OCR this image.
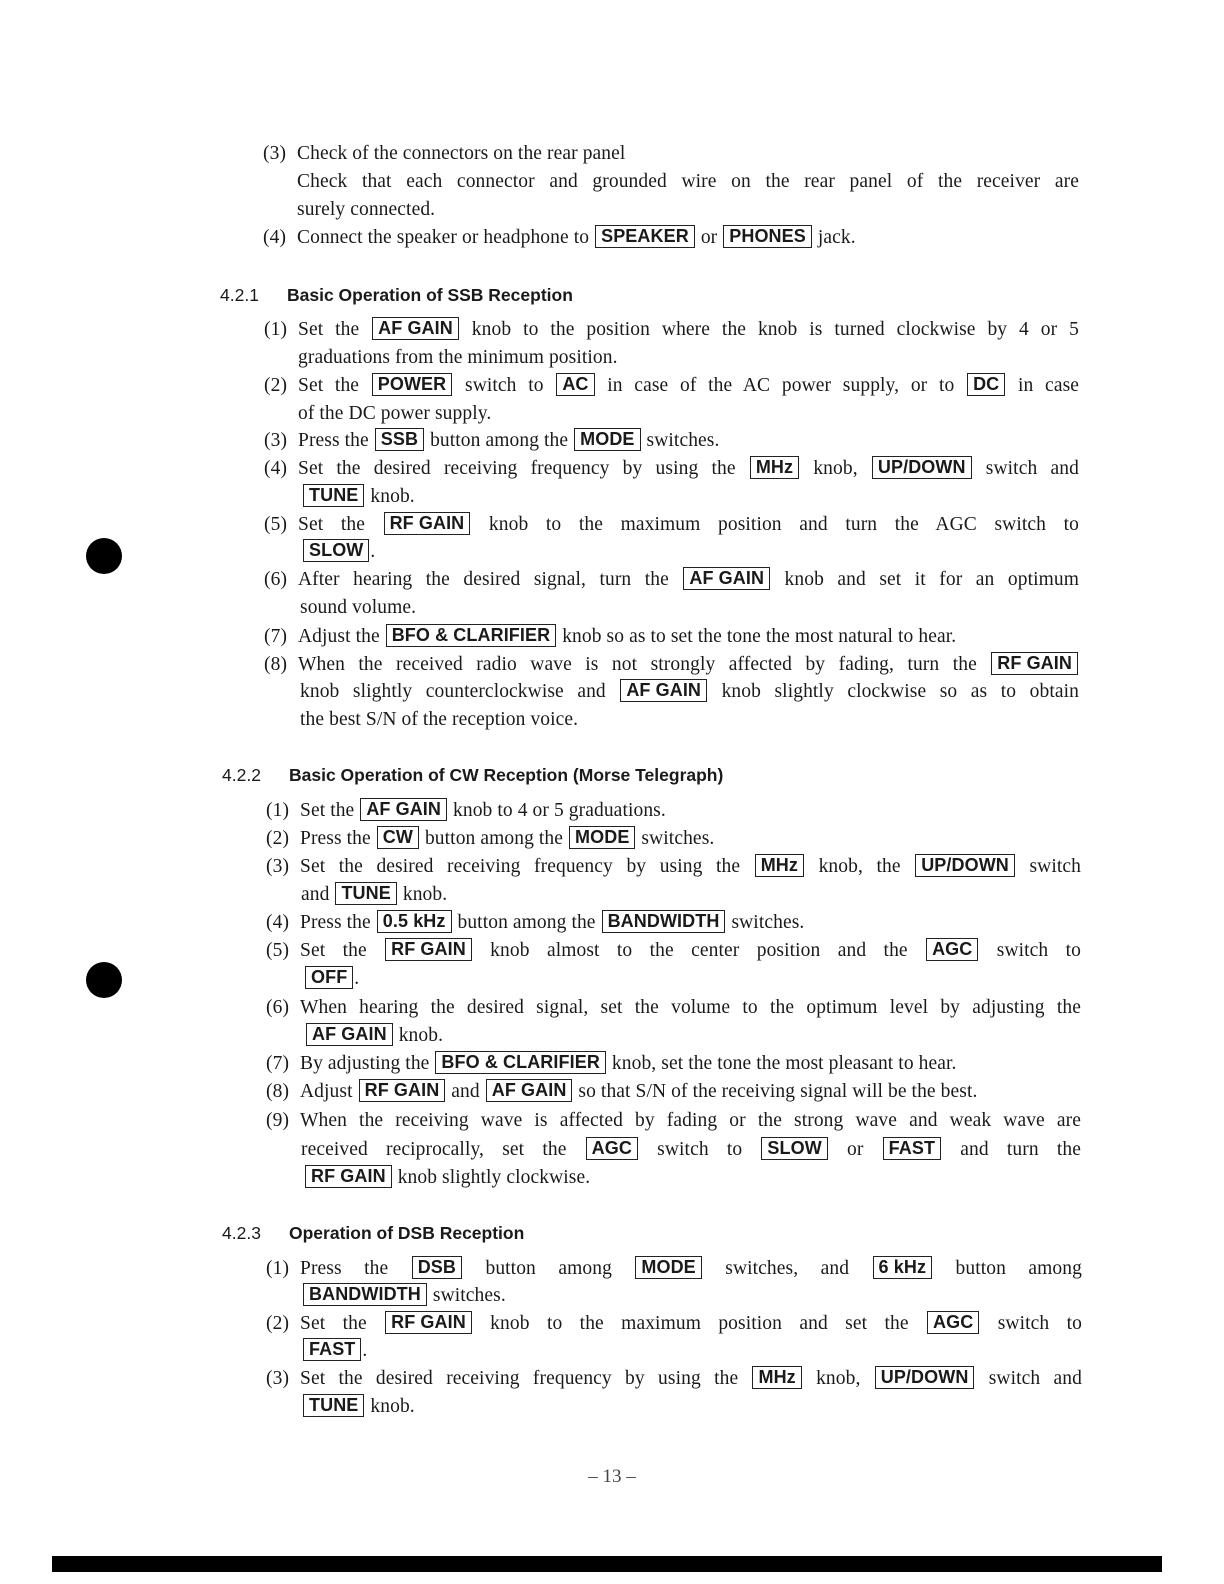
(3) Check of the connectors on the rear panel
Check that each connector and grounded wire on the rear panel of the receiver are
surely connected.
(4) Connect the speaker or headphone to SPEAKER or PHONES jack.
4.2.1 Basic Operation of SSB Reception
(1) Set the AF GAIN knob to the position where the knob is turned clockwise by 4 or 5
graduations from the minimum position.
(2) Set the POWER switch to AC in case of the AC power supply, or to DC in case
of the DC power supply.
(3) Press the SSB button among the MODE switches.
(4) Set the desired receiving frequency by using the MHz knob, UP/DOWN switch and
TUNE knob.
(5) Set the RF GAIN knob to the maximum position and turn the AGC switch to
SLOW .
(6) After hearing the desired signal, turn the AF GAIN knob and set it for an optimum
sound volume.
(7) Adjust the BFO & CLARIFIER knob so as to set the tone the most natural to hear.
(8) When the received radio wave is not strongly affected by fading, turn the RF GAIN
knob slightly counterclockwise and AF GAIN knob slightly clockwise so as to obtain
the best S/N of the reception voice.
4.2.2 Basic Operation of CW Reception (Morse Telegraph)
(1) Set the AF GAIN knob to 4 or 5 graduations.
(2) Press the CW button among the MODE switches.
(3) Set the desired receiving frequency by using the MHz knob, the UP/DOWN switch
and TUNE knob.
(4) Press the 0.5 kHz button among the BANDWIDTH switches.
(5) Set the RF GAIN knob almost to the center position and the AGC switch to
OFF .
(6) When hearing the desired signal, set the volume to the optimum level by adjusting the
AF GAIN knob.
(7) By adjusting the BFO & CLARIFIER knob, set the tone the most pleasant to hear.
(8) Adjust RF GAIN and AF GAIN so that S/N of the receiving signal will be the best.
(9) When the receiving wave is affected by fading or the strong wave and weak wave are
received reciprocally, set the AGC switch to SLOW or FAST and turn the
RF GAIN knob slightly clockwise.
4.2.3 Operation of DSB Reception
(1) Press the DSB button among MODE switches, and 6 kHz button among
BANDWIDTH switches.
(2) Set the RF GAIN knob to the maximum position and set the AGC switch to
FAST .
(3) Set the desired receiving frequency by using the MHz knob, UP/DOWN switch and
TUNE knob.
– 13 –
